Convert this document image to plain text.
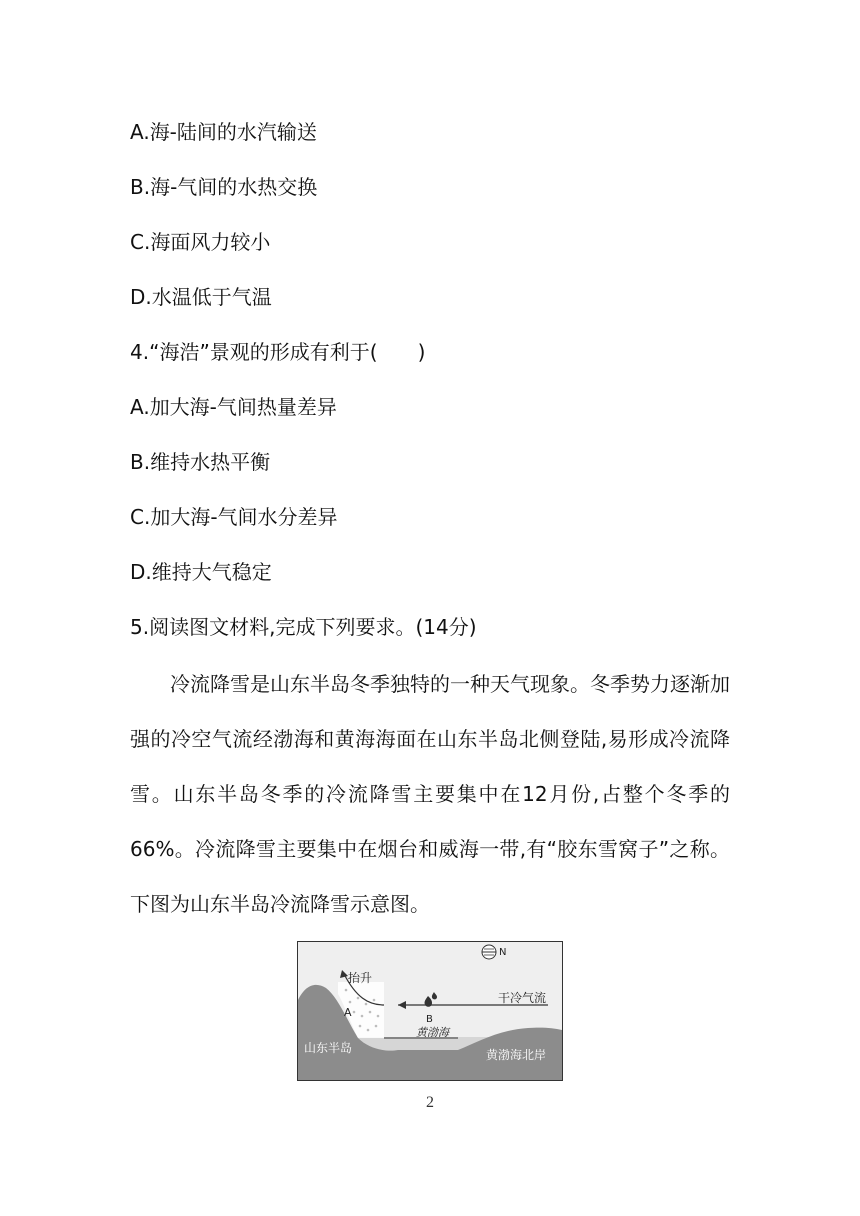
A.海-陆间的水汽输送
B.海-气间的水热交换
C.海面风力较小
D.水温低于气温
4.“海浩”景观的形成有利于(　　)
A.加大海-气间热量差异
B.维持水热平衡
C.加大海-气间水分差异
D.维持大气稳定
5.阅读图文材料,完成下列要求。(14分)
冷流降雪是山东半岛冬季独特的一种天气现象。冬季势力逐渐加强的冷空气流经渤海和黄海海面在山东半岛北侧登陆,易形成冷流降雪。山东半岛冬季的冷流降雪主要集中在12月份,占整个冬季的66%。冷流降雪主要集中在烟台和威海一带,有“胶东雪窝子”之称。下图为山东半岛冷流降雪示意图。
N
抬升
A
B
干冷气流
黄渤海
山东半岛	黄渤海北岸
2
